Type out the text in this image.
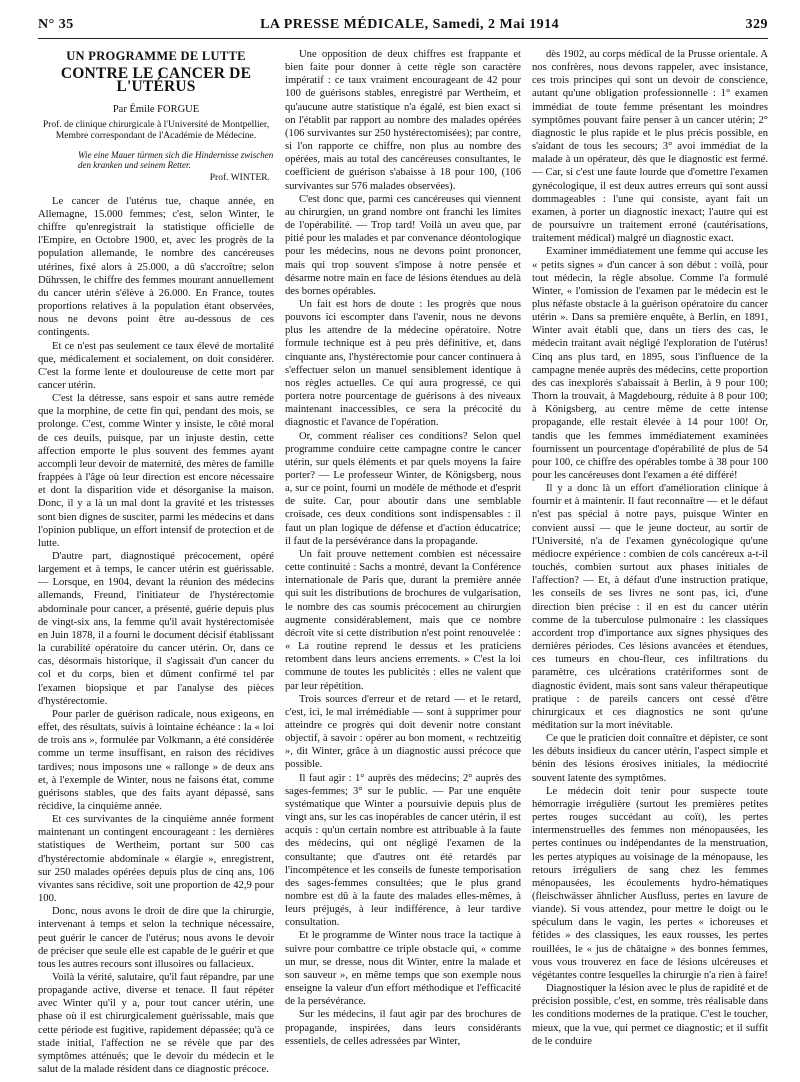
N° 35	LA PRESSE MÉDICALE, Samedi, 2 Mai 1914	329
UN PROGRAMME DE LUTTE
CONTRE LE CANCER DE L'UTÉRUS
Par Émile FORGUE
Prof. de clinique chirurgicale à l'Université de Montpellier,
Membre correspondant de l'Académie de Médecine.
Wie eine Mauer türmen sich die Hindernisse zwischen den kranken und seinem Retter.
Prof. WINTER.

Le cancer de l'utérus tue, chaque année, en Allemagne, 15.000 femmes; c'est, selon Winter, le chiffre qu'enregistrait la statistique officielle de l'Empire, en Octobre 1900, et, avec les progrès de la population allemande, le nombre des cancéreuses utérines, fixé alors à 25.000, a dû s'accroître; selon Dührssen, le chiffre des femmes mourant annuellement du cancer utérin s'élève à 26.000. En France, toutes proportions relatives à la population étant observées, nous ne devons point être au-dessous de ces contingents.

Et ce n'est pas seulement ce taux élevé de mortalité que, médicalement et socialement, on doit considérer. C'est la forme lente et douloureuse de cette mort par cancer utérin.

C'est la détresse, sans espoir et sans autre remède que la morphine, de cette fin qui, pendant des mois, se prolonge. C'est, comme Winter y insiste, le côté moral de ces deuils, puisque, par un injuste destin, cette affection emporte le plus souvent des femmes ayant accompli leur devoir de maternité, des mères de famille frappées à l'âge où leur direction est encore nécessaire et dont la disparition vide et désorganise la maison. Donc, il y a là un mal dont la gravité et les tristesses sont bien dignes de susciter, parmi les médecins et dans l'opinion publique, un effort intensif de protection et de lutte.

D'autre part, diagnostiqué précocement, opéré largement et à temps, le cancer utérin est guérissable. — Lorsque, en 1904, devant la réunion des médecins allemands, Freund, l'initiateur de l'hystérectomie abdominale pour cancer, a présenté, guérie depuis plus de vingt-six ans, la femme qu'il avait hystérectomisée en Juin 1878, il a fourni le document décisif établissant la curabilité opératoire du cancer utérin. Or, dans ce cas, désormais historique, il s'agissait d'un cancer du col et du corps, bien et dûment confirmé tel par l'examen biopsique et par l'analyse des pièces d'hystérectomie.

Pour parler de guérison radicale, nous exigeons, en effet, des résultats, suivis à lointaine échéance : la « loi de trois ans », formulée par Volkmann, a été considérée comme un terme insuffisant, en raison des récidives tardives; nous imposons une « rallonge » de deux ans et, à l'exemple de Winter, nous ne faisons état, comme guérisons stables, que des faits ayant dépassé, sans récidive, la cinquième année.

Et ces survivantes de la cinquième année forment maintenant un contingent encourageant : les dernières statistiques de Wertheim, portant sur 500 cas d'hystérectomie abdominale « élargie », enregistrent, sur 250 malades opérées depuis plus de cinq ans, 106 vivantes sans récidive, soit une proportion de 42,9 pour 100.

Donc, nous avons le droit de dire que la chirurgie, intervenant à temps et selon la technique nécessaire, peut guérir le cancer de l'utérus; nous avons le devoir de préciser que seule elle est capable de le guérir et que tous les autres recours sont illusoires ou fallacieux.

Voilà la vérité, salutaire, qu'il faut répandre, par une propagande active, diverse et tenace. Il faut répéter avec Winter qu'il y a, pour tout cancer utérin, une phase où il est chirurgicalement guérissable, mais que cette période est fugitive, rapidement dépassée; qu'à ce stade initial, l'affection ne se révèle que par des symptômes atténués; que le devoir du médecin et le salut de la malade résident dans ce diagnostic précoce.

Une opposition de deux chiffres est frappante et bien faite pour donner à cette règle son caractère impératif : ce taux vraiment encourageant de 42 pour 100 de guérisons stables, enregistré par Wertheim, et qu'aucune autre statistique n'a égalé, est bien exact si on l'établit par rapport au nombre des malades opérées (106 survivantes sur 250 hystérectomisées); par contre, si l'on rapporte ce chiffre, non plus au nombre des opérées, mais au total des cancéreuses consultantes, le coefficient de guérison s'abaisse à 18 pour 100, (106 survivantes sur 576 malades observées).

C'est donc que, parmi ces cancéreuses qui viennent au chirurgien, un grand nombre ont franchi les limites de l'opérabilité. — Trop tard! Voilà un aveu que, par pitié pour les malades et par convenance déontologique pour les médecins, nous ne devons point prononcer, mais qui trop souvent s'impose à notre pensée et désarme notre main en face de lésions étendues au delà des bornes opérables.

Un fait est hors de doute : les progrès que nous pouvons ici escompter dans l'avenir, nous ne devons plus les attendre de la médecine opératoire. Notre formule technique est à peu près définitive, et, dans cinquante ans, l'hystérectomie pour cancer continuera à s'effectuer selon un manuel sensiblement identique à nos règles actuelles. Ce qui aura progressé, ce qui portera notre pourcentage de guérisons à des niveaux maintenant inaccessibles, ce sera la précocité du diagnostic et l'avance de l'opération.

Or, comment réaliser ces conditions? Selon quel programme conduire cette campagne contre le cancer utérin, sur quels éléments et par quels moyens la faire porter? — Le professeur Winter, de Königsberg, nous a, sur ce point, fourni un modèle de méthode et d'esprit de suite. Car, pour aboutir dans une semblable croisade, ces deux conditions sont indispensables : il faut un plan logique de défense et d'action éducatrice; il faut de la persévérance dans la propagande.

Un fait prouve nettement combien est nécessaire cette continuité : Sachs a montré, devant la Conférence internationale de Paris que, durant la première année qui suit les distributions de brochures de vulgarisation, le nombre des cas soumis précocement au chirurgien augmente considérablement, mais que ce nombre décroît vite si cette distribution n'est point renouvelée : « La routine reprend le dessus et les praticiens retombent dans leurs anciens errements. » C'est la loi commune de toutes les publicités : elles ne valent que par leur répétition.

Trois sources d'erreur et de retard — et le retard, c'est, ici, le mal irrémédiable — sont à supprimer pour atteindre ce progrès qui doit devenir notre constant objectif, à savoir : opérer au bon moment, « rechtzeitig », dit Winter, grâce à un diagnostic aussi précoce que possible.

Il faut agir : 1° auprès des médecins; 2° auprès des sages-femmes; 3° sur le public. — Par une enquête systématique que Winter a poursuivie depuis plus de vingt ans, sur les cas inopérables de cancer utérin, il est acquis : qu'un certain nombre est attribuable à la faute des médecins, qui ont négligé l'examen de la consultante; que d'autres ont été retardés par l'incompétence et les conseils de funeste temporisation des sages-femmes consultées; que le plus grand nombre est dû à la faute des malades elles-mêmes, à leurs préjugés, à leur indifférence, à leur tardive consultation.

Et le programme de Winter nous trace la tactique à suivre pour combattre ce triple obstacle qui, « comme un mur, se dresse, nous dit Winter, entre la malade et son sauveur », en même temps que son exemple nous enseigne la valeur d'un effort méthodique et l'efficacité de la persévérance.

Sur les médecins, il faut agir par des brochures de propagande, inspirées, dans leurs considérants essentiels, de celles adressées par Winter,

dès 1902, au corps médical de la Prusse orientale. A nos confrères, nous devons rappeler, avec insistance, ces trois principes qui sont un devoir de conscience, autant qu'une obligation professionnelle : 1° examen immédiat de toute femme présentant les moindres symptômes pouvant faire penser à un cancer utérin; 2° diagnostic le plus rapide et le plus précis possible, en s'aidant de tous les secours; 3° avoi immédiat de la malade à un opérateur, dès que le diagnostic est fermé. — Car, si c'est une faute lourde que d'omettre l'examen gynécologique, il est deux autres erreurs qui sont aussi dommageables : l'une qui consiste, ayant fait un examen, à porter un diagnostic inexact; l'autre qui est de poursuivre un traitement erroné (cautérisations, traitement médical) malgré un diagnostic exact.

Examiner immédiatement une femme qui accuse les « petits signes » d'un cancer à son début : voilà, pour tout médecin, la règle absolue. Comme l'a formulé Winter, « l'omission de l'examen par le médecin est le plus néfaste obstacle à la guérison opératoire du cancer utérin ». Dans sa première enquête, à Berlin, en 1891, Winter avait établi que, dans un tiers des cas, le médecin traitant avait négligé l'exploration de l'utérus! Cinq ans plus tard, en 1895, sous l'influence de la campagne menée auprès des médecins, cette proportion des cas inexplorés s'abaissait à Berlin, à 9 pour 100; Thorn la trouvait, à Magdebourg, réduite à 8 pour 100; à Königsberg, au centre même de cette intense propagande, elle restait élevée à 14 pour 100! Or, tandis que les femmes immédiatement examinées fournissent un pourcentage d'opérabilité de plus de 54 pour 100, ce chiffre des opérables tombe à 38 pour 100 pour les cancéreuses dont l'examen a été différé!

Il y a donc là un effort d'amélioration clinique à fournir et à maintenir. Il faut reconnaître — et le défaut n'est pas spécial à notre pays, puisque Winter en convient aussi — que le jeune docteur, au sortir de l'Université, n'a de l'examen gynécologique qu'une médiocre expérience : combien de cols cancéreux a-t-il touchés, combien surtout aux phases initiales de l'affection? — Et, à défaut d'une instruction pratique, les conseils de ses livres ne sont pas, ici, d'une direction bien précise : il en est du cancer utérin comme de la tuberculose pulmonaire : les classiques accordent trop d'importance aux signes physiques des dernières périodes. Ces lésions avancées et étendues, ces tumeurs en chou-fleur, ces infiltrations du paramètre, ces ulcérations cratériformes sont de diagnostic évident, mais sont sans valeur thérapeutique pratique : de pareils cancers ont cessé d'être chirurgicaux et ces diagnostics ne sont qu'une méditation sur la mort inévitable.

Ce que le praticien doit connaître et dépister, ce sont les débuts insidieux du cancer utérin, l'aspect simple et bénin des lésions érosives initiales, la médiocrité souvent latente des symptômes.

Le médecin doit tenir pour suspecte toute hémorragie irrégulière (surtout les premières petites pertes rouges succédant au coït), les pertes intermenstruelles des femmes non ménopausées, les pertes continues ou indépendantes de la menstruation, les pertes atypiques au voisinage de la ménopause, les retours irréguliers de sang chez les femmes ménopausées, les écoulements hydro-hématiques (fleischwässer ähnlicher Ausfluss, pertes en lavure de viande). Si vous attendez, pour mettre le doigt ou le spéculum dans le vagin, les pertes « ichoreuses et fétides » des classiques, les eaux rousses, les pertes rouillées, le « jus de châtaigne » des bonnes femmes, vous vous trouverez en face de lésions ulcéreuses et végétantes contre lesquelles la chirurgie n'a rien à faire!

Diagnostiquer la lésion avec le plus de rapidité et de précision possible, c'est, en somme, très réalisable dans les conditions modernes de la pratique. C'est le toucher, mieux, que la vue, qui permet ce diagnostic; et il suffit de le conduire
